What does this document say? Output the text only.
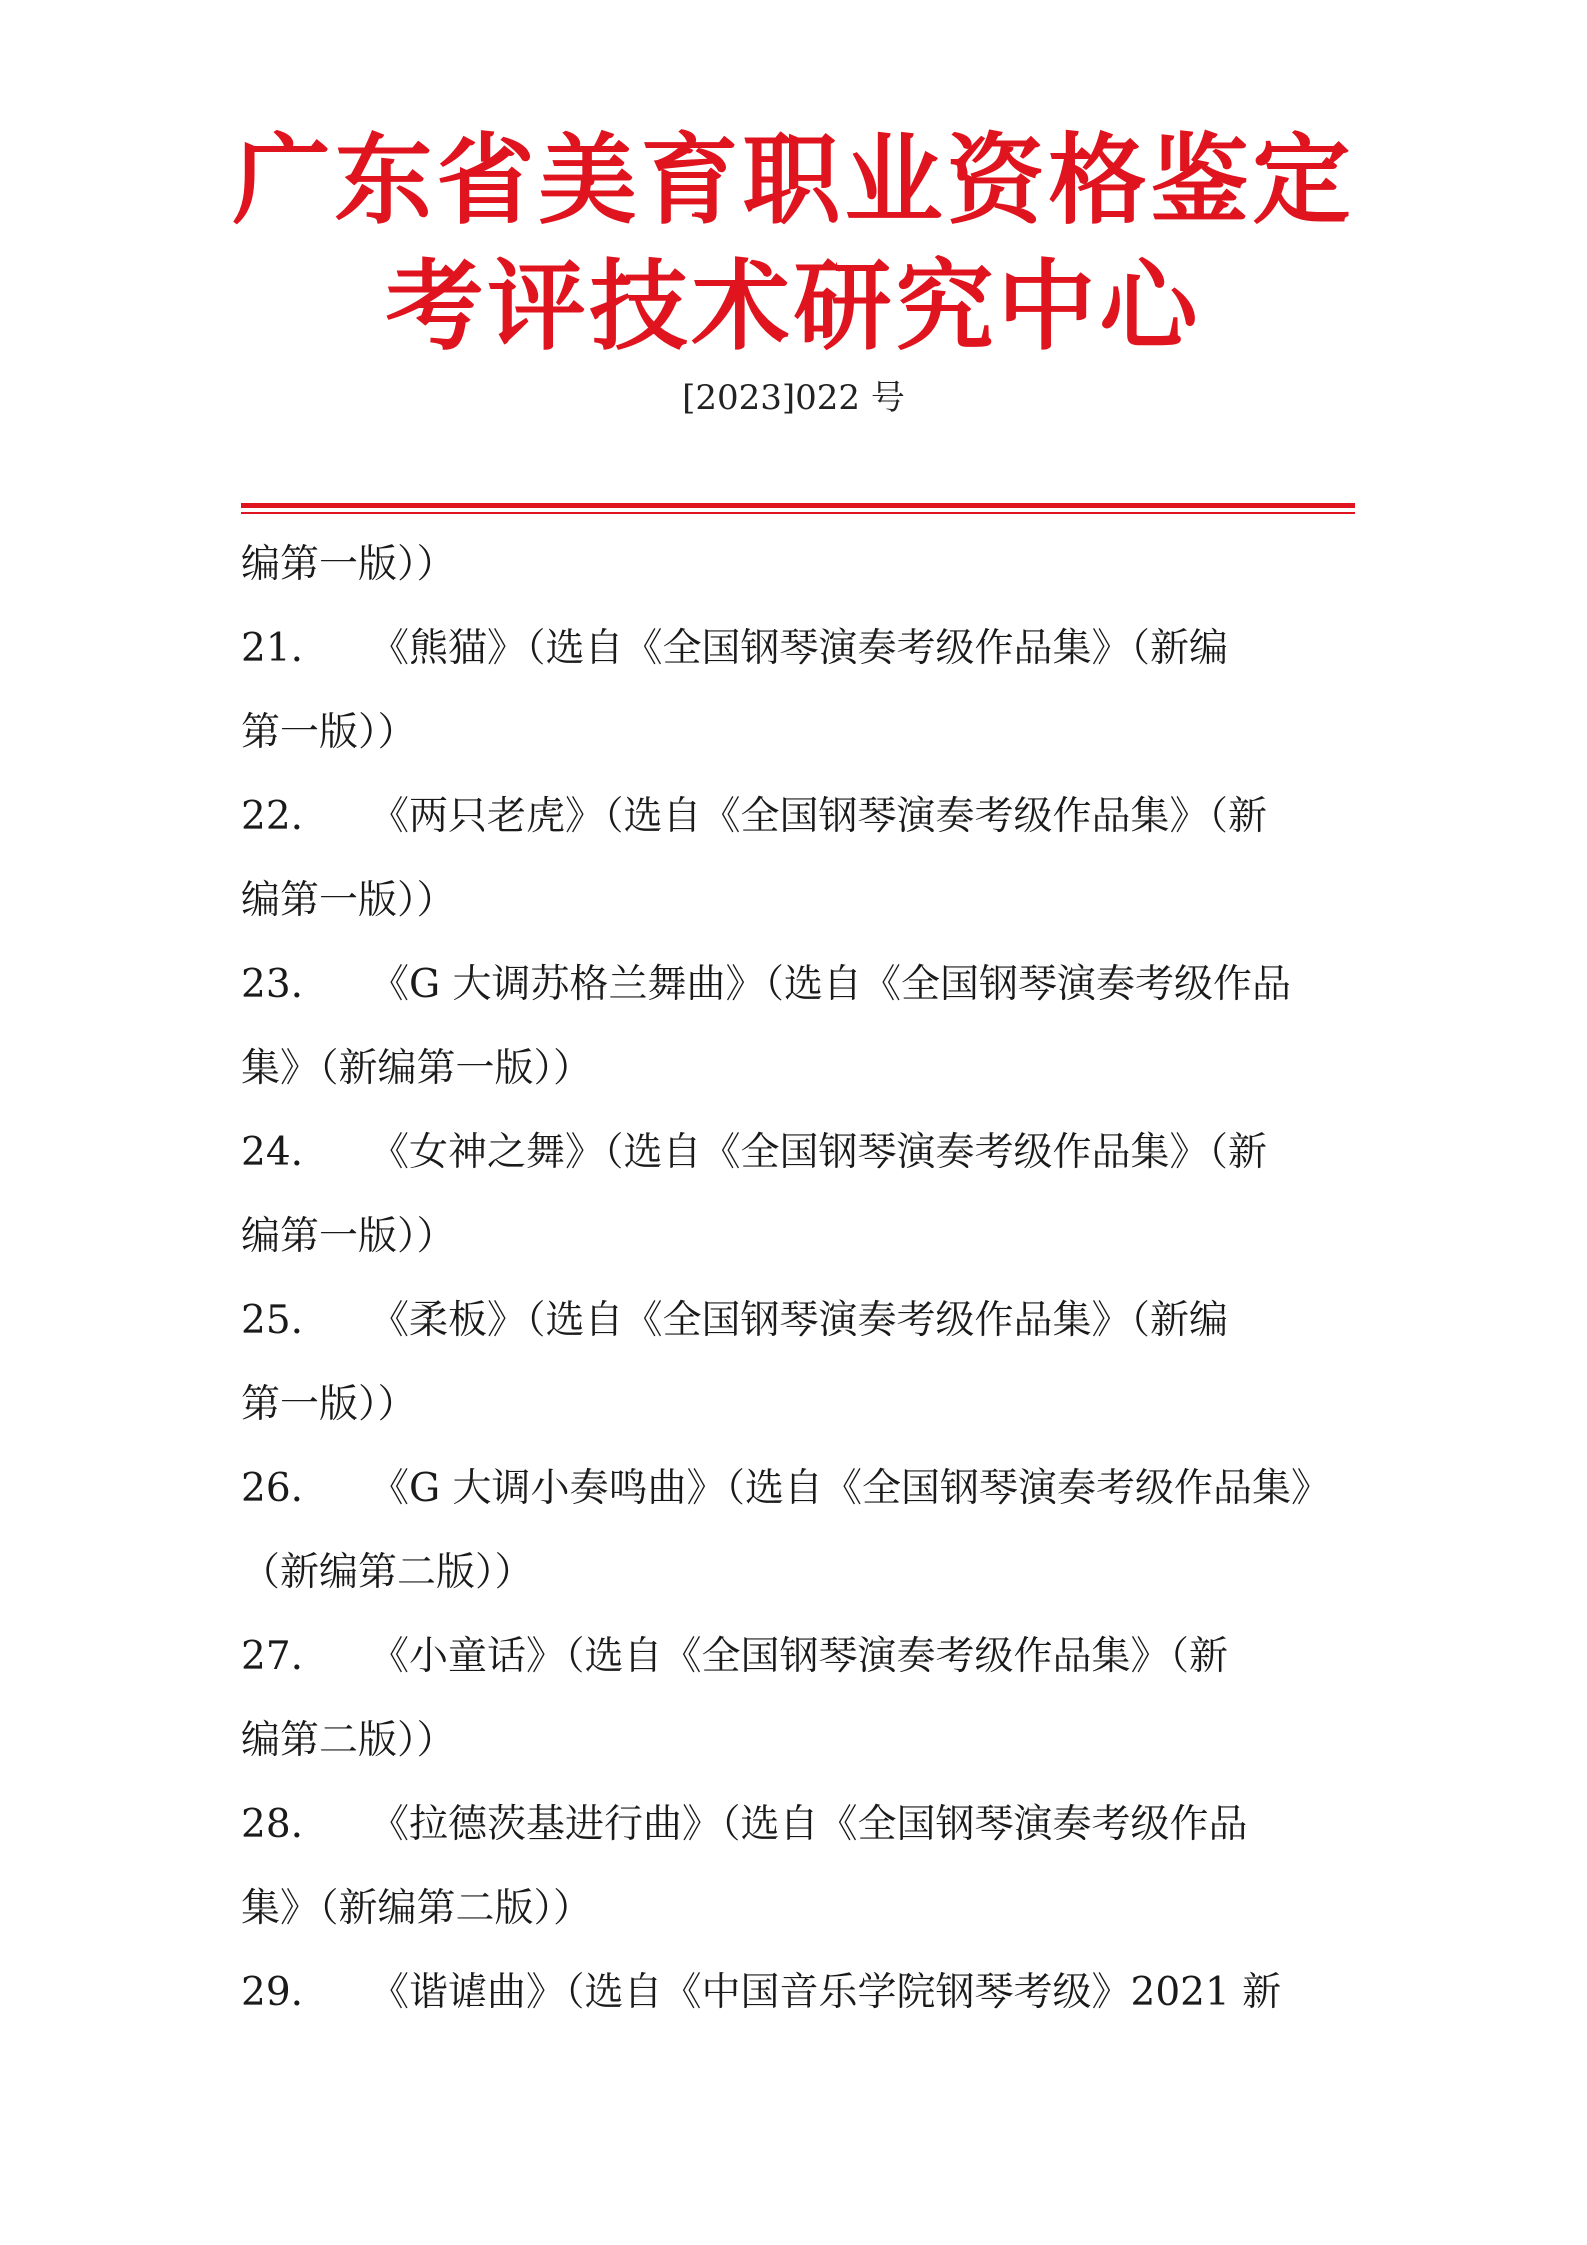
广东省美育职业资格鉴定
考评技术研究中心
[2023]022 号
编第一版））
21. 《熊猫》（选自《全国钢琴演奏考级作品集》（新编
第一版））
22. 《两只老虎》（选自《全国钢琴演奏考级作品集》（新
编第一版））
23. 《G 大调苏格兰舞曲》（选自《全国钢琴演奏考级作品
集》（新编第一版））
24. 《女神之舞》（选自《全国钢琴演奏考级作品集》（新
编第一版））
25. 《柔板》（选自《全国钢琴演奏考级作品集》（新编
第一版））
26. 《G 大调小奏鸣曲》（选自《全国钢琴演奏考级作品集》
（新编第二版））
27. 《小童话》（选自《全国钢琴演奏考级作品集》（新
编第二版））
28. 《拉德茨基进行曲》（选自《全国钢琴演奏考级作品
集》（新编第二版））
29. 《谐谑曲》（选自《中国音乐学院钢琴考级》2021 新
